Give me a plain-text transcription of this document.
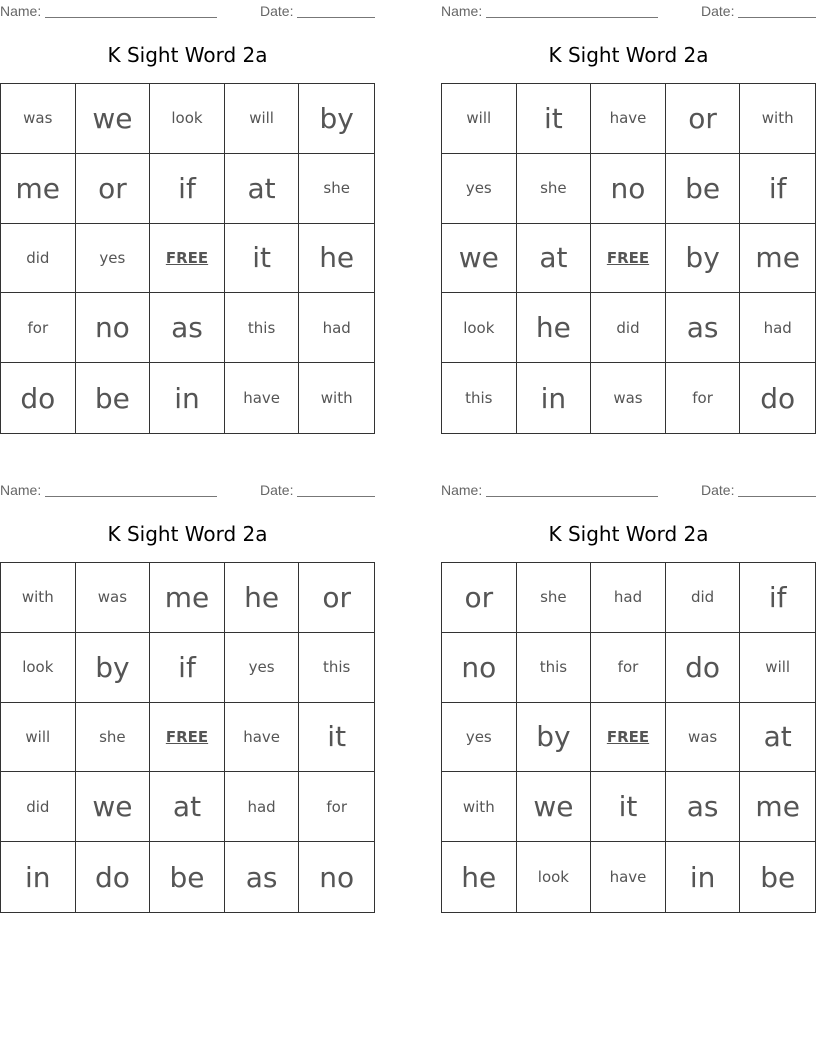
Name:	Date:
K Sight Word 2a
was	we	look	will	by
me	or	if	at	she
did	yes	FREE	it	he
for	no	as	this	had
do	be	in	have	with
Name:	Date:
K Sight Word 2a
will	it	have	or	with
yes	she	no	be	if
we	at	FREE	by	me
look	he	did	as	had
this	in	was	for	do
Name:	Date:
K Sight Word 2a
with	was	me	he	or
look	by	if	yes	this
will	she	FREE	have	it
did	we	at	had	for
in	do	be	as	no
Name:	Date:
K Sight Word 2a
or	she	had	did	if
no	this	for	do	will
yes	by	FREE	was	at
with	we	it	as	me
he	look	have	in	be
